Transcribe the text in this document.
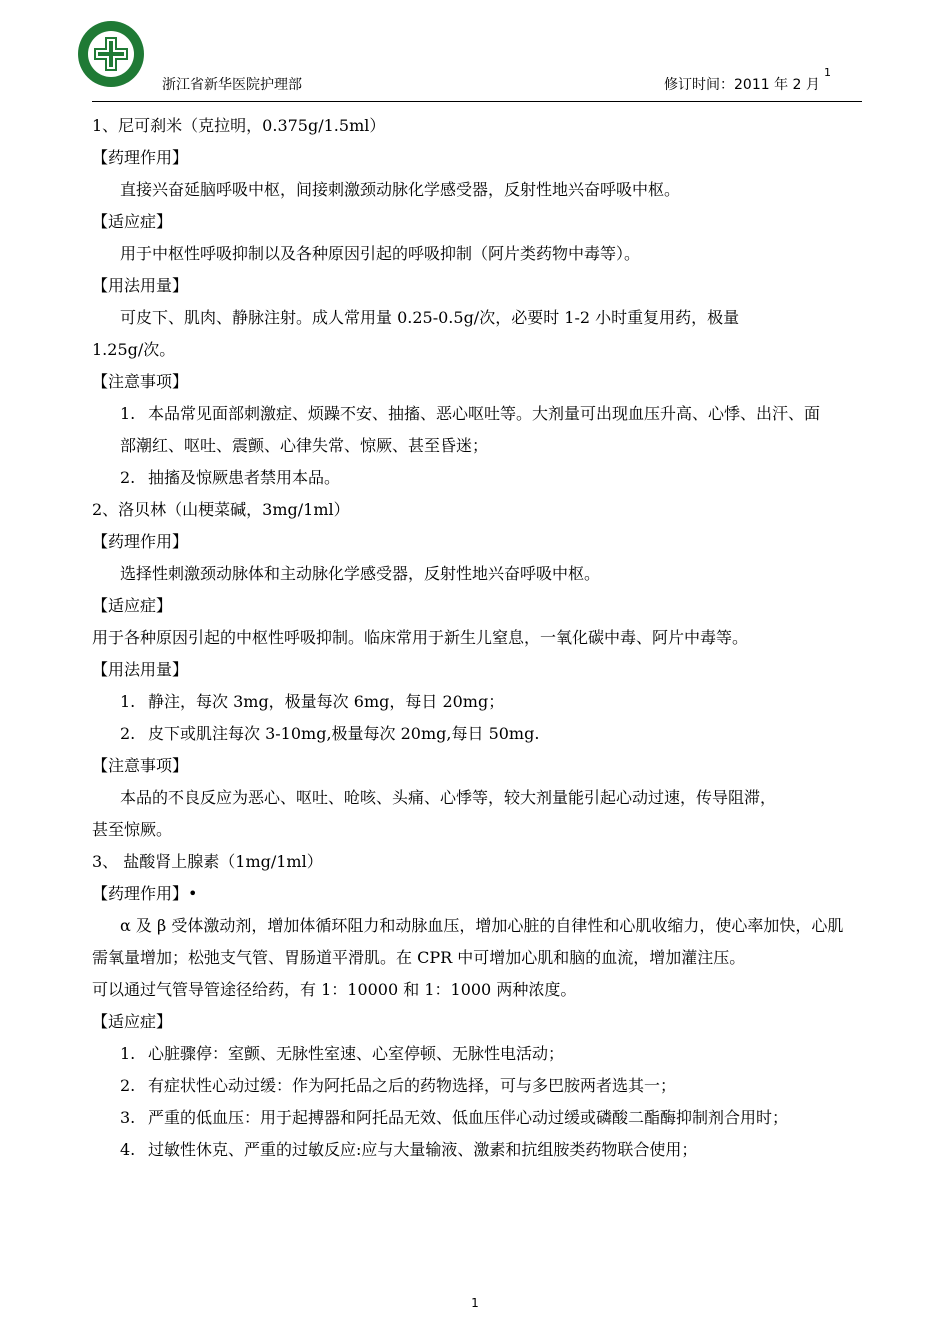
浙江省新华医院护理部	修订时间：2011 年 2 月
1
1、尼可刹米（克拉明，0.375g/1.5ml）
【药理作用】
直接兴奋延脑呼吸中枢，间接刺激颈动脉化学感受器，反射性地兴奋呼吸中枢。
【适应症】
用于中枢性呼吸抑制以及各种原因引起的呼吸抑制（阿片类药物中毒等）。
【用法用量】
可皮下、肌肉、静脉注射。成人常用量 0.25-0.5g/次，必要时 1-2 小时重复用药，极量
1.25g/次。
【注意事项】
1. 本品常见面部刺激症、烦躁不安、抽搐、恶心呕吐等。大剂量可出现血压升高、心悸、出汗、面
部潮红、呕吐、震颤、心律失常、惊厥、甚至昏迷；
2. 抽搐及惊厥患者禁用本品。
2、洛贝林（山梗菜碱，3mg/1ml）
【药理作用】
选择性刺激颈动脉体和主动脉化学感受器，反射性地兴奋呼吸中枢。
【适应症】
用于各种原因引起的中枢性呼吸抑制。临床常用于新生儿窒息，一氧化碳中毒、阿片中毒等。
【用法用量】
1. 静注，每次 3mg，极量每次 6mg，每日 20mg；
2. 皮下或肌注每次 3-10mg,极量每次 20mg,每日 50mg.
【注意事项】
本品的不良反应为恶心、呕吐、呛咳、头痛、心悸等，较大剂量能引起心动过速，传导阻滞，
甚至惊厥。
3、 盐酸肾上腺素（1mg/1ml）
【药理作用】•
α 及 β 受体激动剂，增加体循环阻力和动脉血压，增加心脏的自律性和心肌收缩力，使心率加快，心肌
需氧量增加；松弛支气管、胃肠道平滑肌。在 CPR 中可增加心肌和脑的血流，增加灌注压。
可以通过气管导管途径给药，有 1：10000 和 1：1000 两种浓度。
【适应症】
1. 心脏骤停：室颤、无脉性室速、心室停顿、无脉性电活动；
2. 有症状性心动过缓：作为阿托品之后的药物选择，可与多巴胺两者选其一；
3. 严重的低血压：用于起搏器和阿托品无效、低血压伴心动过缓或磷酸二酯酶抑制剂合用时；
4. 过敏性休克、严重的过敏反应:应与大量输液、激素和抗组胺类药物联合使用；
1
